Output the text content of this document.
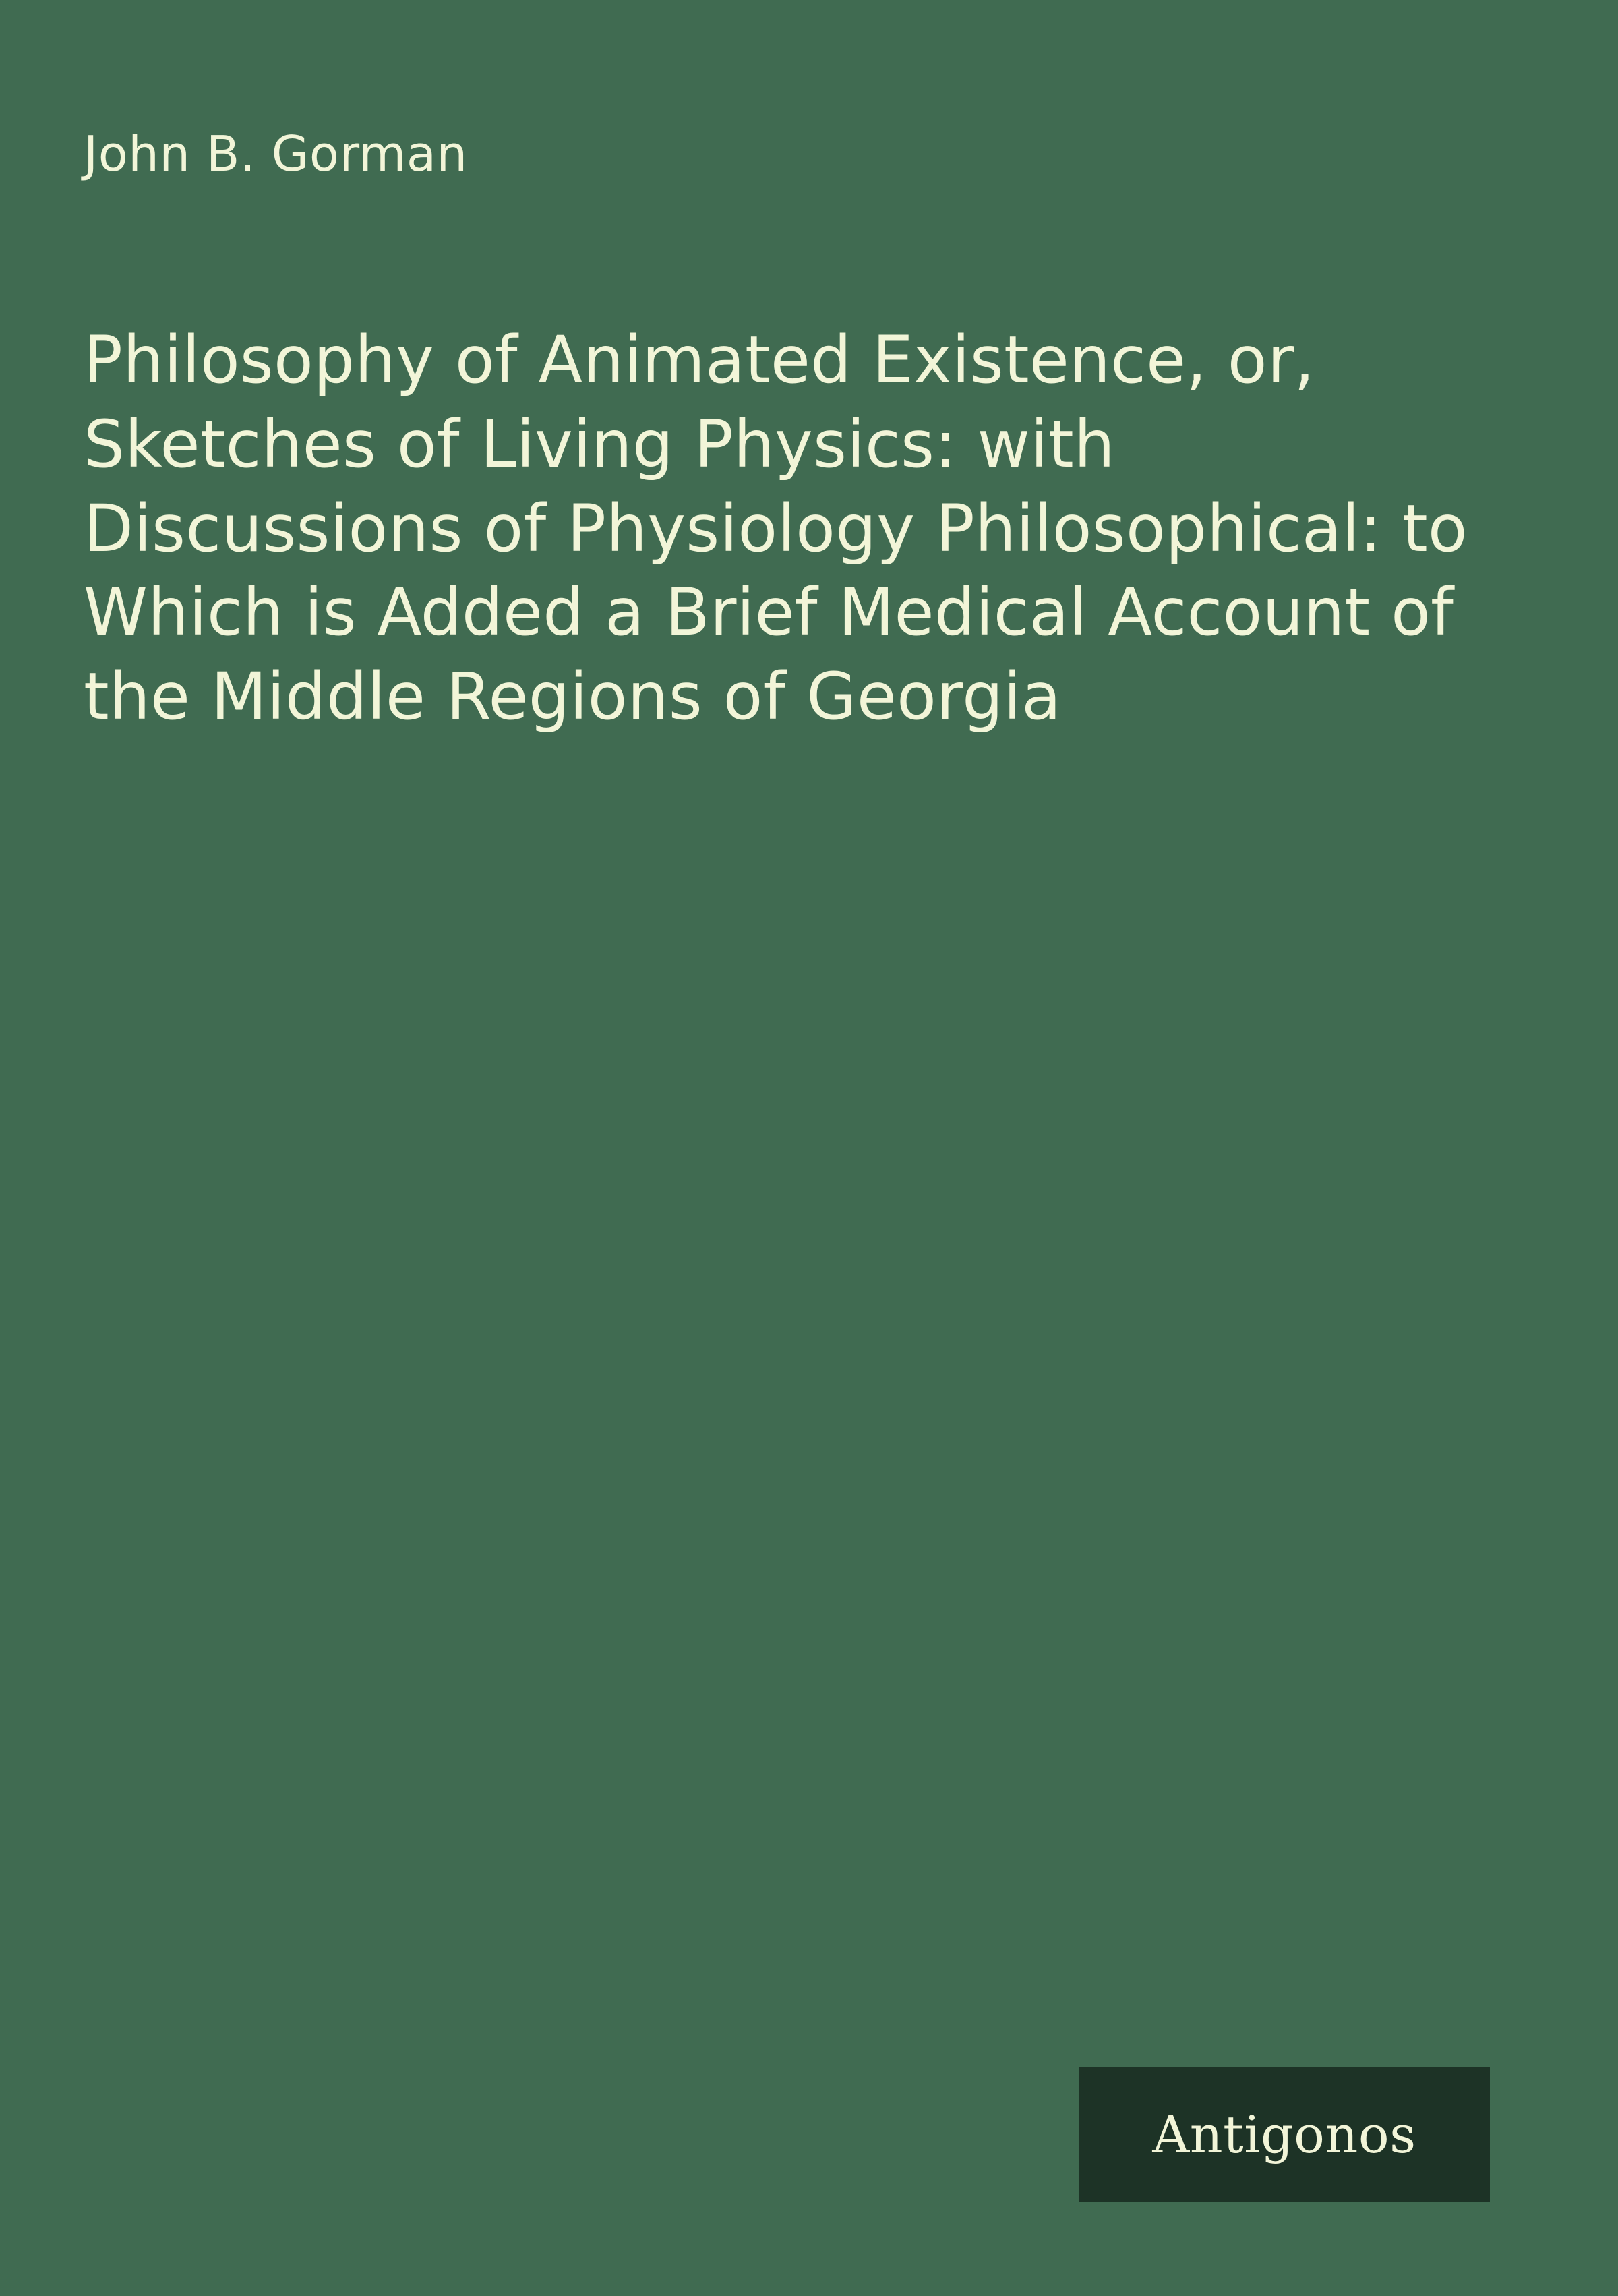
John B. Gorman
Philosophy of Animated Existence, or, Sketches of Living Physics: with Discussions of Physiology Philosophical: to Which is Added a Brief Medical Account of the Middle Regions of Georgia
Antigonos
